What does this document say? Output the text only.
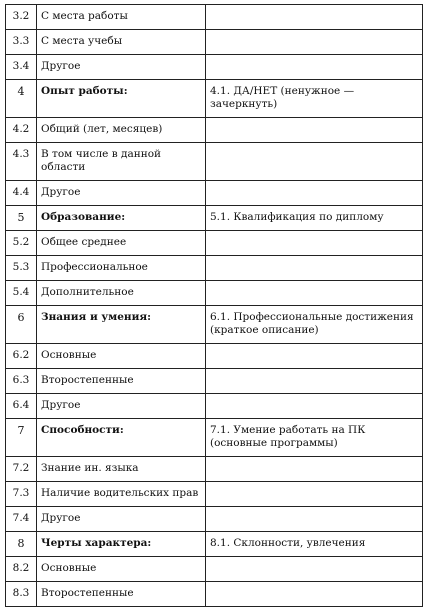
3.2	С места работы	
3.3	С места учебы	
3.4	Другое	
4	Опыт работы:	4.1. ДА/НЕТ (ненужное — зачеркнуть)
4.2	Общий (лет, месяцев)	
4.3	В том числе в данной области	
4.4	Другое	
5	Образование:	5.1. Квалификация по диплому
5.2	Общее среднее	
5.3	Профессиональное	
5.4	Дополнительное	
6	Знания и умения:	6.1. Профессиональные достижения (краткое описание)
6.2	Основные	
6.3	Второстепенные	
6.4	Другое	
7	Способности:	7.1. Умение работать на ПК (основные программы)
7.2	Знание ин. языка	
7.3	Наличие водительских прав	
7.4	Другое	
8	Черты характера:	8.1. Склонности, увлечения
8.2	Основные	
8.3	Второстепенные	
